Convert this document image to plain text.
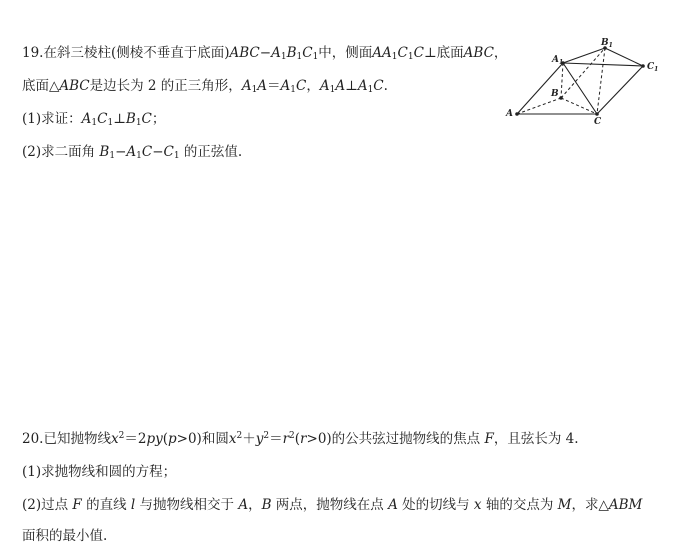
19.在斜三棱柱(侧棱不垂直于底面)$ABC-A_1B_1C_1$中，侧面$AA_1C_1C\perp$底面ABC，
底面△ABC是边长为 2 的正三角形，$A_1A=A_1C$，$A_1A\perp A_1C$.
(1)求证：$A_1C_1\perp B_1C$；
(2)求二面角 $B_1-A_1C-C_1$ 的正弦值.
A
C
B
$A_1$
$B_1$
$C_1$
20.已知抛物线$x^2=2py(p>0)$和圆$x^2+y^2=r^2(r>0)$的公共弦过抛物线的焦点 F，且弦长为 4.
(1)求抛物线和圆的方程；
(2)过点 F 的直线 l 与抛物线相交于 A，B 两点，抛物线在点 A 处的切线与 x 轴的交点为 M，求△ABM
面积的最小值.
